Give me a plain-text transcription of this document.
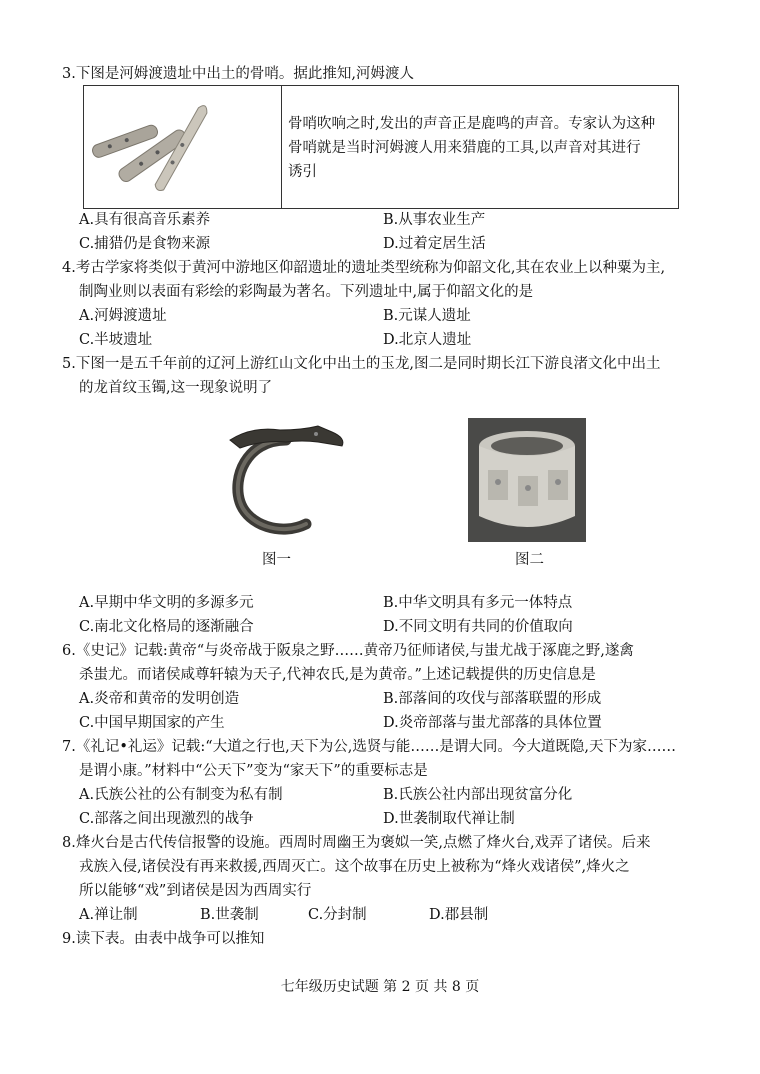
3.下图是河姆渡遗址中出土的骨哨。据此推知,河姆渡人
骨哨吹响之时,发出的声音正是鹿鸣的声音。专家认为这种
骨哨就是当时河姆渡人用来猎鹿的工具,以声音对其进行
诱引
A.具有很高音乐素养	B.从事农业生产
C.捕猎仍是食物来源	D.过着定居生活
4.考古学家将类似于黄河中游地区仰韶遗址的遗址类型统称为仰韶文化,其在农业上以种粟为主,
制陶业则以表面有彩绘的彩陶最为著名。下列遗址中,属于仰韶文化的是
A.河姆渡遗址	B.元谋人遗址
C.半坡遗址	D.北京人遗址
5.下图一是五千年前的辽河上游红山文化中出土的玉龙,图二是同时期长江下游良渚文化中出土
的龙首纹玉镯,这一现象说明了
图一	图二
A.早期中华文明的多源多元	B.中华文明具有多元一体特点
C.南北文化格局的逐渐融合	D.不同文明有共同的价值取向
6.《史记》记载:黄帝“与炎帝战于阪泉之野……黄帝乃征师诸侯,与蚩尤战于涿鹿之野,遂禽
杀蚩尤。而诸侯咸尊轩辕为天子,代神农氏,是为黄帝。”上述记载提供的历史信息是
A.炎帝和黄帝的发明创造	B.部落间的攻伐与部落联盟的形成
C.中国早期国家的产生	D.炎帝部落与蚩尤部落的具体位置
7.《礼记•礼运》记载:“大道之行也,天下为公,选贤与能……是谓大同。今大道既隐,天下为家……
是谓小康。”材料中“公天下”变为“家天下”的重要标志是
A.氏族公社的公有制变为私有制	B.氏族公社内部出现贫富分化
C.部落之间出现激烈的战争	D.世袭制取代禅让制
8.烽火台是古代传信报警的设施。西周时周幽王为褒姒一笑,点燃了烽火台,戏弄了诸侯。后来
戎族入侵,诸侯没有再来救援,西周灭亡。这个故事在历史上被称为“烽火戏诸侯”,烽火之
所以能够“戏”到诸侯是因为西周实行
A.禅让制	B.世袭制	C.分封制	D.郡县制
9.读下表。由表中战争可以推知
七年级历史试题 第 2 页 共 8 页
